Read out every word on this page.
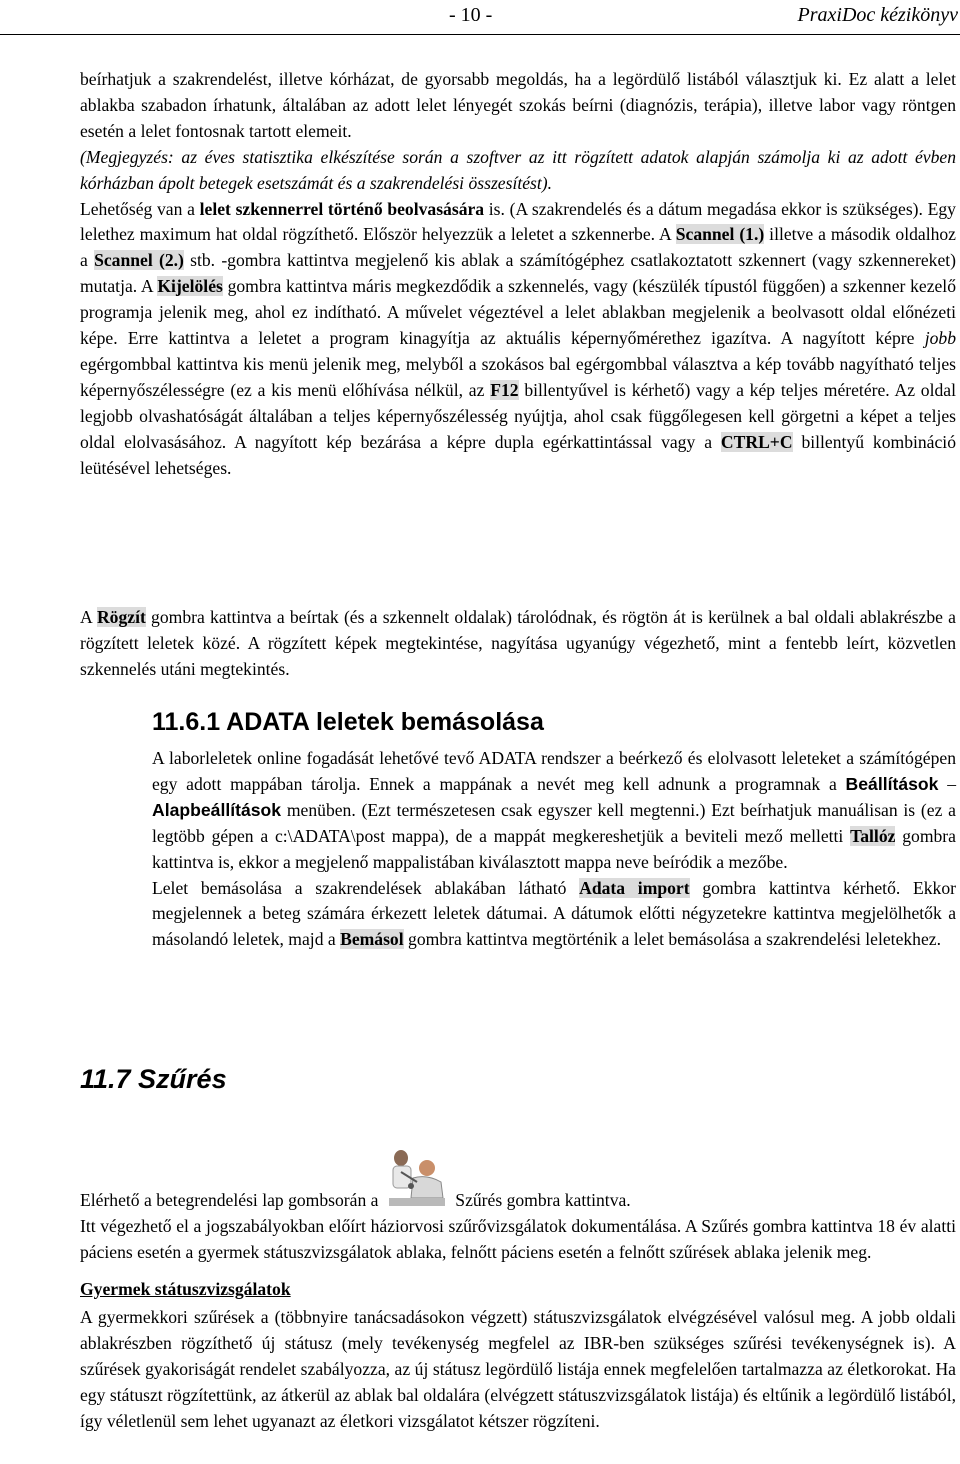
- 10 -	PraxiDoc kézikönyv

beírhatjuk a szakrendelést, illetve kórházat, de gyorsabb megoldás, ha a legördülő listából választjuk ki. Ez alatt a lelet ablakba szabadon írhatunk, általában az adott lelet lényegét szokás beírni (diagnózis, terápia), illetve labor vagy röntgen esetén a lelet fontosnak tartott elemeit.
(Megjegyzés: az éves statisztika elkészítése során a szoftver az itt rögzített adatok alapján számolja ki az adott évben kórházban ápolt betegek esetszámát és a szakrendelési összesítést).
Lehetőség van a lelet szkennerrel történő beolvasására is. (A szakrendelés és a dátum megadása ekkor is szükséges). Egy lelethez maximum hat oldal rögzíthető. Először helyezzük a leletet a szkennerbe. A Scannel (1.) illetve a második oldalhoz a Scannel (2.) stb. -gombra kattintva megjelenő kis ablak a számítógéphez csatlakoztatott szkennert (vagy szkennereket) mutatja. A Kijelölés gombra kattintva máris megkezdődik a szkennelés, vagy (készülék típustól függően) a szkenner kezelő programja jelenik meg, ahol ez indítható. A művelet végeztével a lelet ablakban megjelenik a beolvasott oldal előnézeti képe. Erre kattintva a leletet a program kinagyítja az aktuális képernyőmérethez igazítva. A nagyított képre jobb egérgombbal kattintva kis menü jelenik meg, melyből a szokásos bal egérgombbal választva a kép tovább nagyítható teljes képernyőszélességre (ez a kis menü előhívása nélkül, az F12 billentyűvel is kérhető) vagy a kép teljes méretére. Az oldal legjobb olvashatóságát általában a teljes képernyőszélesség nyújtja, ahol csak függőlegesen kell görgetni a képet a teljes oldal elolvasásához. A nagyított kép bezárása a képre dupla egérkattintással vagy a CTRL+C billentyű kombináció leütésével lehetséges.

A Rögzít gombra kattintva a beírtak (és a szkennelt oldalak) tárolódnak, és rögtön át is kerülnek a bal oldali ablakrészbe a rögzített leletek közé. A rögzített képek megtekintése, nagyítása ugyanúgy végezhető, mint a fentebb leírt, közvetlen szkennelés utáni megtekintés.

11.6.1 ADATA leletek bemásolása

A laborleletek online fogadását lehetővé tevő ADATA rendszer a beérkező és elolvasott leleteket a számítógépen egy adott mappában tárolja. Ennek a mappának a nevét meg kell adnunk a programnak a Beállítások – Alapbeállítások menüben. (Ezt természetesen csak egyszer kell megtenni.) Ezt beírhatjuk manuálisan is (ez a legtöbb gépen a c:\ADATA\post mappa), de a mappát megkereshetjük a beviteli mező melletti Tallóz gombra kattintva is, ekkor a megjelenő mappalistában kiválasztott mappa neve beíródik a mezőbe.
Lelet bemásolása a szakrendelések ablakában látható Adata import gombra kattintva kérhető. Ekkor megjelennek a beteg számára érkezett leletek dátumai. A dátumok előtti négyzetekre kattintva megjelölhetők a másolandó leletek, majd a Bemásol gombra kattintva megtörténik a lelet bemásolása a szakrendelési leletekhez.

11.7 Szűrés

Elérhető a betegrendelési lap gombsorán a	Szűrés gombra kattintva.
Itt végezhető el a jogszabályokban előírt háziorvosi szűrővizsgálatok dokumentálása. A Szűrés gombra kattintva 18 év alatti páciens esetén a gyermek státuszvizsgálatok ablaka, felnőtt páciens esetén a felnőtt szűrések ablaka jelenik meg.

Gyermek státuszvizsgálatok

A gyermekkori szűrések a (többnyire tanácsadásokon végzett) státuszvizsgálatok elvégzésével valósul meg. A jobb oldali ablakrészben rögzíthető új státusz (mely tevékenység megfelel az IBR-ben szükséges szűrési tevékenységnek is). A szűrések gyakoriságát rendelet szabályozza, az új státusz legördülő listája ennek megfelelően tartalmazza az életkorokat. Ha egy státuszt rögzítettünk, az átkerül az ablak bal oldalára (elvégzett státuszvizsgálatok listája) és eltűnik a legördülő listából, így véletlenül sem lehet ugyanazt az életkori vizsgálatot kétszer rögzíteni.
